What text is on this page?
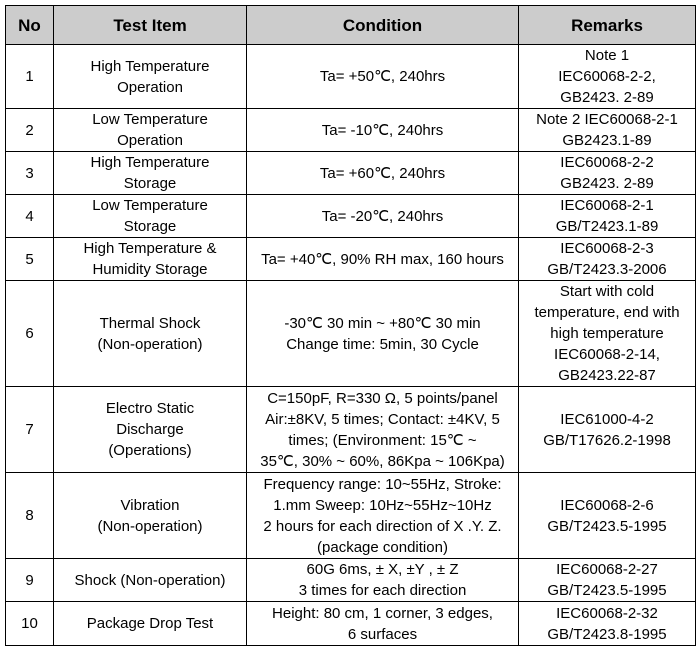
No	Test Item	Condition	Remarks
1	High Temperature
Operation	Ta= +50℃, 240hrs	Note 1
IEC60068-2-2,
GB2423. 2-89

2	Low Temperature
Operation	Ta= -10℃, 240hrs	Note 2 IEC60068-2-1
GB2423.1-89

3	High Temperature
Storage	Ta= +60℃, 240hrs	IEC60068-2-2
GB2423. 2-89

4	Low Temperature
Storage	Ta= -20℃, 240hrs	IEC60068-2-1
GB/T2423.1-89

5	High Temperature &
Humidity Storage	Ta= +40℃, 90% RH max, 160 hours	IEC60068-2-3
GB/T2423.3-2006

6	Thermal Shock
(Non-operation)	-30℃ 30 min ~ +80℃ 30 min
Change time: 5min, 30 Cycle	Start with cold
temperature, end with
high temperature
IEC60068-2-14,
GB2423.22-87

7	Electro Static
Discharge
(Operations)	C=150pF, R=330 Ω, 5 points/panel
Air:±8KV, 5 times; Contact: ±4KV, 5
times; (Environment: 15℃ ~
35℃, 30% ~ 60%, 86Kpa ~ 106Kpa)	IEC61000-4-2
GB/T17626.2-1998

8	Vibration
(Non-operation)	Frequency range: 10~55Hz, Stroke:
1.mm Sweep: 10Hz~55Hz~10Hz
2 hours for each direction of X .Y. Z.
(package condition)	IEC60068-2-6
GB/T2423.5-1995

9	Shock (Non-operation)	60G 6ms, ± X, ±Y , ± Z
3 times for each direction	IEC60068-2-27
GB/T2423.5-1995

10	Package Drop Test	Height: 80 cm, 1 corner, 3 edges,
6 surfaces	IEC60068-2-32
GB/T2423.8-1995
